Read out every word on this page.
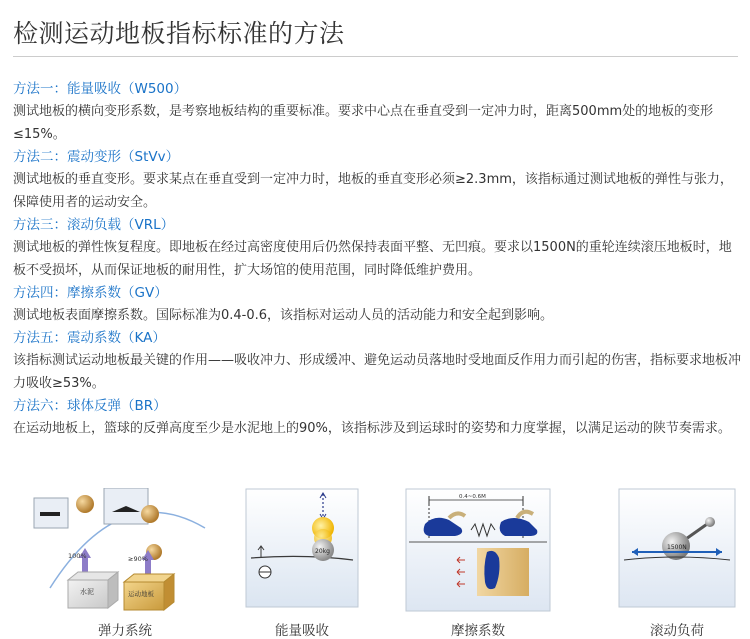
检测运动地板指标标准的方法
方法一：能量吸收（W500）
测试地板的横向变形系数，是考察地板结构的重要标准。要求中心点在垂直受到一定冲力时，距离500mm处的地板的变形≤15%。
方法二：震动变形（StVv）
测试地板的垂直变形。要求某点在垂直受到一定冲力时，地板的垂直变形必须≥2.3mm，该指标通过测试地板的弹性与张力，保障使用者的运动安全。
方法三：滚动负载（VRL）
测试地板的弹性恢复程度。即地板在经过高密度使用后仍然保持表面平整、无凹痕。要求以1500N的重轮连续滚压地板时，地板不受损坏，从而保证地板的耐用性，扩大场馆的使用范围，同时降低维护费用。
方法四：摩擦系数（GV）
测试地板表面摩擦系数。国际标准为0.4-0.6，该指标对运动人员的活动能力和安全起到影响。
方法五：震动系数（KA）
该指标测试运动地板最关键的作用——吸收冲力、形成缓冲、避免运动员落地时受地面反作用力而引起的伤害，指标要求地板冲力吸收≥53%。
方法六：球体反弹（BR）
在运动地板上，篮球的反弹高度至少是水泥地上的90%，该指标涉及到运球时的姿势和力度掌握，以满足运动的陕节奏需求。
100%	≥90%
水泥	运动地板
弹力系统
20kg
能量吸收
0.4~0.6M
摩擦系数
1500N
滚动负荷
